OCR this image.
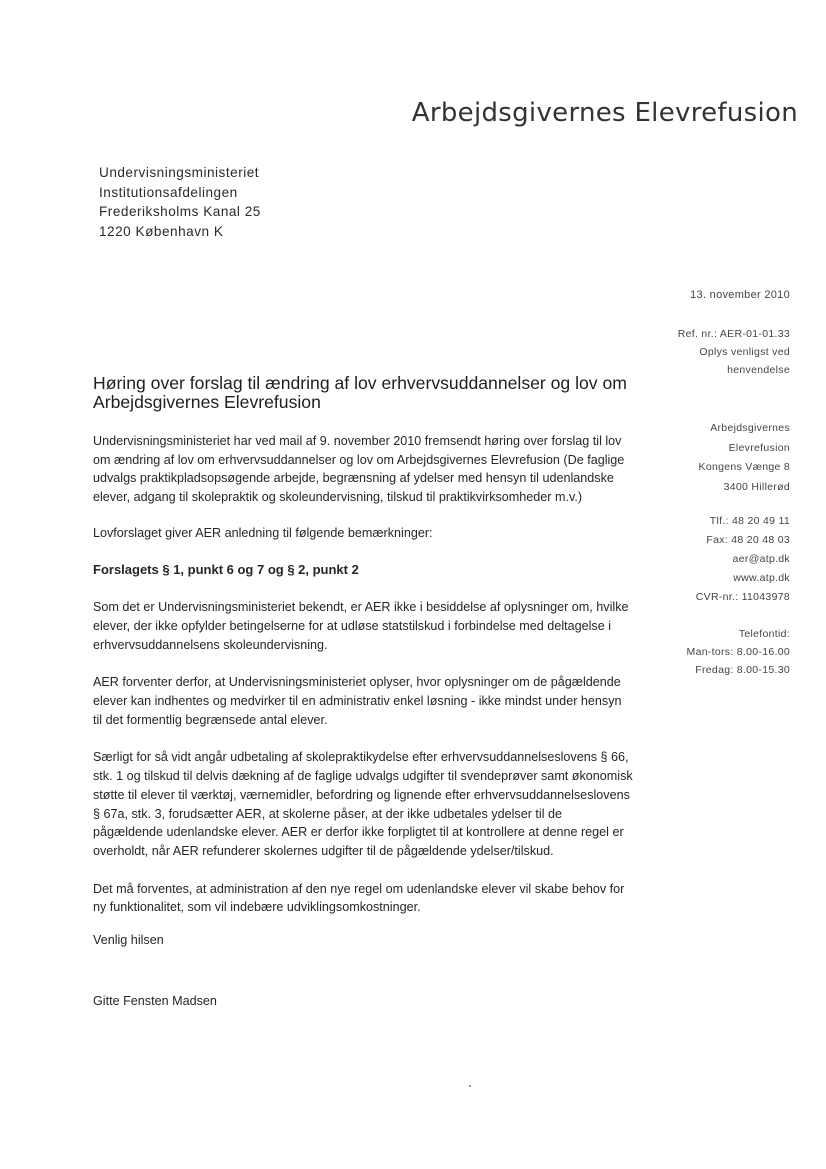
Arbejdsgivernes Elevrefusion
Undervisningsministeriet
Institutionsafdelingen
Frederiksholms Kanal 25
1220 København K
13. november 2010
Ref. nr.: AER-01-01.33
Oplys venligst ved
henvendelse
Arbejdsgivernes
Elevrefusion
Kongens Vænge 8
3400 Hillerød
Tlf.: 48 20 49 11
Fax: 48 20 48 03
aer@atp.dk
www.atp.dk
CVR-nr.: 11043978
Telefontid:
Man-tors: 8.00-16.00
Fredag: 8.00-15.30
Høring over forslag til ændring af lov erhvervsuddannelser og lov om Arbejdsgivernes Elevrefusion

Undervisningsministeriet har ved mail af 9. november 2010 fremsendt høring over forslag til lov om ændring af lov om erhvervsuddannelser og lov om Arbejdsgivernes Elevrefusion (De faglige udvalgs praktikpladsopsøgende arbejde, begrænsning af ydelser med hensyn til udenlandske elever, adgang til skolepraktik og skoleundervisning, tilskud til praktikvirksomheder m.v.)

Lovforslaget giver AER anledning til følgende bemærkninger:

Forslagets § 1, punkt 6 og 7 og § 2, punkt 2

Som det er Undervisningsministeriet bekendt, er AER ikke i besiddelse af oplysninger om, hvilke elever, der ikke opfylder betingelserne for at udløse statstilskud i forbindelse med deltagelse i erhvervsuddannelsens skoleundervisning.

AER forventer derfor, at Undervisningsministeriet oplyser, hvor oplysninger om de pågældende elever kan indhentes og medvirker til en administrativ enkel løsning - ikke mindst under hensyn til det formentlig begrænsede antal elever.

Særligt for så vidt angår udbetaling af skolepraktikydelse efter erhvervsuddannelseslovens § 66, stk. 1 og tilskud til delvis dækning af de faglige udvalgs udgifter til svendeprøver samt økonomisk støtte til elever til værktøj, værnemidler, befordring og lignende efter erhvervsuddannelseslovens § 67a, stk. 3, forudsætter AER, at skolerne påser, at der ikke udbetales ydelser til de pågældende udenlandske elever. AER er derfor ikke forpligtet til at kontrollere at denne regel er overholdt, når AER refunderer skolernes udgifter til de pågældende ydelser/tilskud.

Det må forventes, at administration af den nye regel om udenlandske elever vil skabe behov for ny funktionalitet, som vil indebære udviklingsomkostninger.

Venlig hilsen

Gitte Fensten Madsen
